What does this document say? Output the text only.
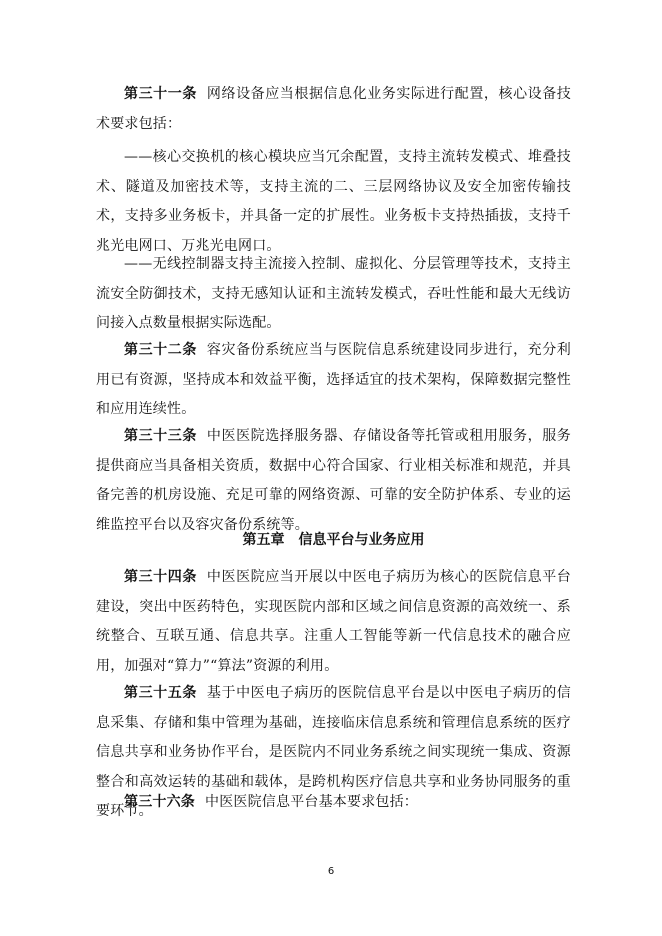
第三十一条 网络设备应当根据信息化业务实际进行配置，核心设备技术要求包括：

——核心交换机的核心模块应当冗余配置，支持主流转发模式、堆叠技术、隧道及加密技术等，支持主流的二、三层网络协议及安全加密传输技术，支持多业务板卡，并具备一定的扩展性。业务板卡支持热插拔，支持千兆光电网口、万兆光电网口。

——无线控制器支持主流接入控制、虚拟化、分层管理等技术，支持主流安全防御技术，支持无感知认证和主流转发模式，吞吐性能和最大无线访问接入点数量根据实际选配。

第三十二条 容灾备份系统应当与医院信息系统建设同步进行，充分利用已有资源，坚持成本和效益平衡，选择适宜的技术架构，保障数据完整性和应用连续性。

第三十三条 中医医院选择服务器、存储设备等托管或租用服务，服务提供商应当具备相关资质，数据中心符合国家、行业相关标准和规范，并具备完善的机房设施、充足可靠的网络资源、可靠的安全防护体系、专业的运维监控平台以及容灾备份系统等。

第五章 信息平台与业务应用

第三十四条 中医医院应当开展以中医电子病历为核心的医院信息平台建设，突出中医药特色，实现医院内部和区域之间信息资源的高效统一、系统整合、互联互通、信息共享。注重人工智能等新一代信息技术的融合应用，加强对“算力”“算法”资源的利用。

第三十五条 基于中医电子病历的医院信息平台是以中医电子病历的信息采集、存储和集中管理为基础，连接临床信息系统和管理信息系统的医疗信息共享和业务协作平台，是医院内不同业务系统之间实现统一集成、资源整合和高效运转的基础和载体，是跨机构医疗信息共享和业务协同服务的重要环节。

第三十六条 中医医院信息平台基本要求包括：

6
